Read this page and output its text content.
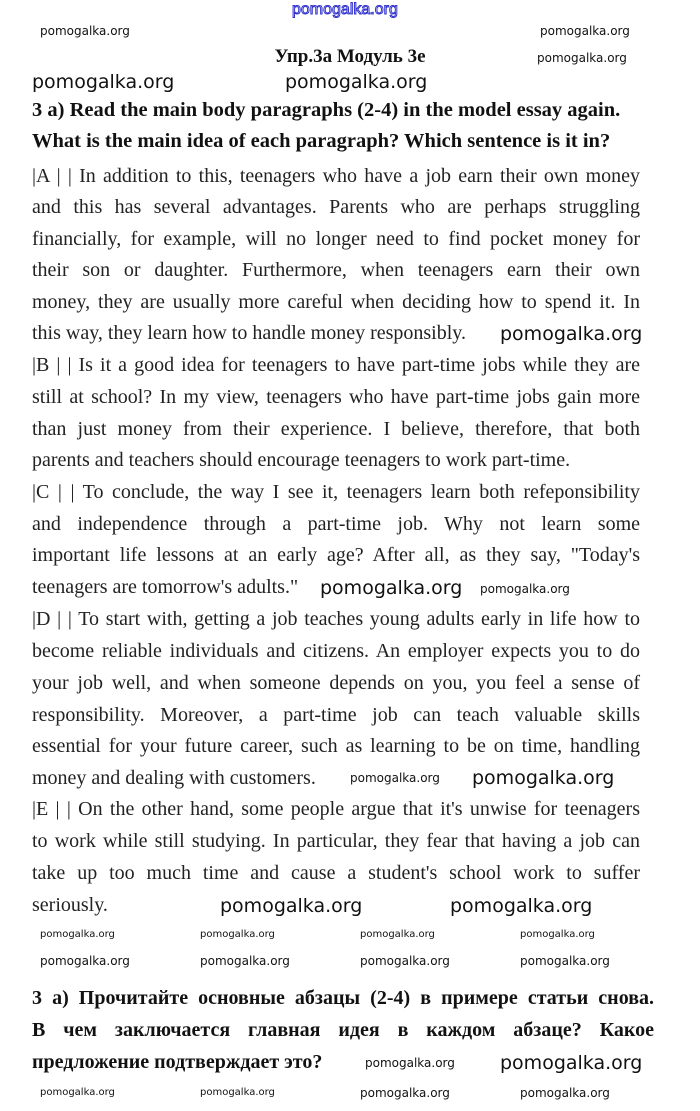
pomogalka.org
Упр.3а Модуль 3е
3 a) Read the main body paragraphs (2-4) in the model essay again.
What is the main idea of each paragraph? Which sentence is it in?
|A | | In addition to this, teenagers who have a job earn their own money
and this has several advantages. Parents who are perhaps struggling
financially, for example, will no longer need to find pocket money for
their son or daughter. Furthermore, when teenagers earn their own
money, they are usually more careful when deciding how to spend it. In
this way, they learn how to handle money responsibly.
|B | | Is it a good idea for teenagers to have part-time jobs while they are
still at school? In my view, teenagers who have part-time jobs gain more
than just money from their experience. I believe, therefore, that both
parents and teachers should encourage teenagers to work part-time.
|C | | To conclude, the way I see it, teenagers learn both refeponsibility
and independence through a part-time job. Why not learn some
important life lessons at an early age? After all, as they say, "Today's
teenagers are tomorrow's adults."
|D | | To start with, getting a job teaches young adults early in life how to
become reliable individuals and citizens. An employer expects you to do
your job well, and when someone depends on you, you feel a sense of
responsibility. Moreover, a part-time job can teach valuable skills
essential for your future career, such as learning to be on time, handling
money and dealing with customers.
|E | | On the other hand, some people argue that it's unwise for teenagers
to work while still studying. In particular, they fear that having a job can
take up too much time and cause a student's school work to suffer
seriously.
3 а) Прочитайте основные абзацы (2-4) в примере статьи снова.
В чем заключается главная идея в каждом абзаце? Какое
предложение подтверждает это?
pomogalka.org	pomogalka.org
pomogalka.org
pomogalka.org	pomogalka.org
pomogalka.org
pomogalka.org pomogalka.org
pomogalka.org pomogalka.org
pomogalka.org	pomogalka.org
pomogalka.org	pomogalka.org	pomogalka.org	pomogalka.org
pomogalka.org	pomogalka.org	pomogalka.org	pomogalka.org
pomogalka.org pomogalka.org
pomogalka.org	pomogalka.org	pomogalka.org	pomogalka.org
